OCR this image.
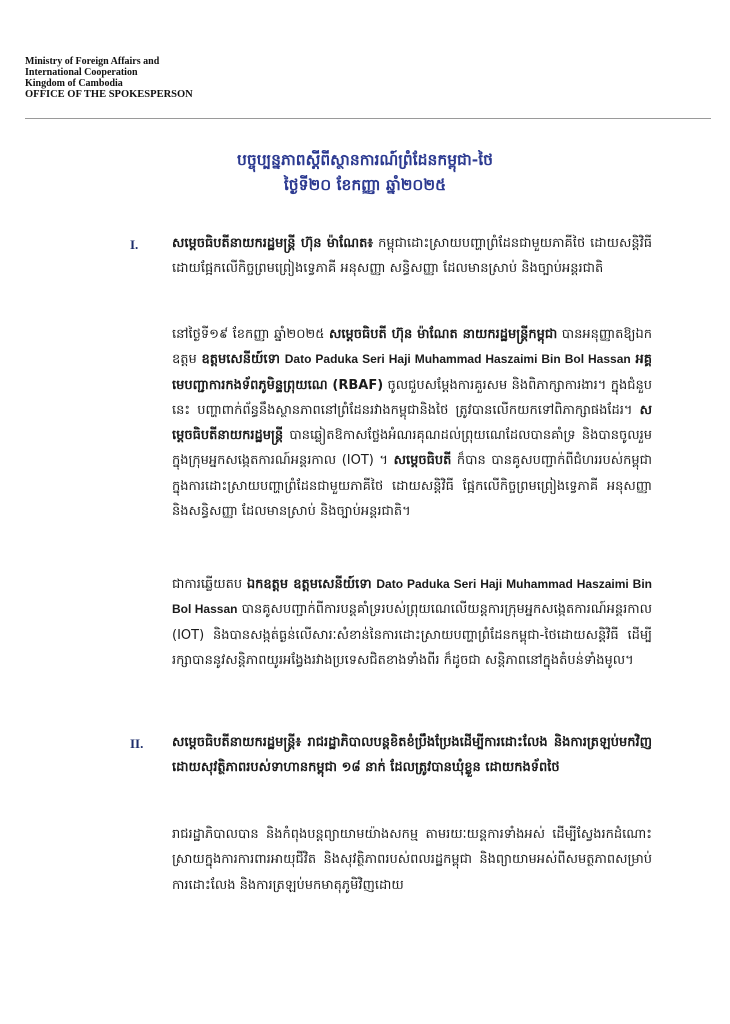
Ministry of Foreign Affairs and
International Cooperation
Kingdom of Cambodia
OFFICE OF THE SPOKESPERSON
បច្ចុប្បន្នភាពស្តីពីស្ថានការណ៍ព្រំដែនកម្ពុជា-ថៃ
ថ្ងៃទី២០ ខែកញ្ញា ឆ្នាំ២០២៥
I.	សម្តេចធិបតីនាយករដ្ឋមន្ត្រី ហ៊ុន ម៉ាណែត៖ កម្ពុជាដោះស្រាយបញ្ហាព្រំដែនជាមួយភាគីថៃ ដោយសន្តិវិធី ដោយផ្អែកលើកិច្ចព្រមព្រៀងទ្វេភាគី អនុសញ្ញា សន្ធិសញ្ញា ដែលមានស្រាប់ និងច្បាប់អន្តរជាតិ
នៅថ្ងៃទី១៩ ខែកញ្ញា ឆ្នាំ២០២៥ សម្តេចធិបតី ហ៊ុន ម៉ាណែត នាយករដ្ឋមន្ត្រីកម្ពុជា បានអនុញ្ញាតឱ្យឯកឧត្តម ឧត្តមសេនីយ៍ទោ Dato Paduka Seri Haji Muhammad Haszaimi Bin Bol Hassan អគ្គមេបញ្ជាការកងទ័ពភូមិន្ទព្រុយណេ (RBAF) ចូលជួបសម្តែងការគួរសម និងពិភាក្សាការងារ។ ក្នុងជំនួបនេះ បញ្ហាពាក់ព័ន្ធនឹងស្ថានភាពនៅព្រំដែនរវាងកម្ពុជានិងថៃ ត្រូវបានលើកយកទៅពិភាក្សាផងដែរ។ សម្តេចធិបតីនាយករដ្ឋមន្ត្រី បានឆ្លៀតឱកាសថ្លែងអំណរគុណដល់ព្រុយណេដែលបានគាំទ្រ និងបានចូលរួមក្នុងក្រុមអ្នកសង្កេតការណ៍អន្តរកាល (IOT) ។ សម្តេចធិបតី ក៏បាន បានគូសបញ្ជាក់ពីជំហររបស់កម្ពុជាក្នុងការដោះស្រាយបញ្ហាព្រំដែនជាមួយភាគីថៃ ដោយសន្តិវិធី ផ្អែកលើកិច្ចព្រមព្រៀងទ្វេភាគី អនុសញ្ញា និងសន្ធិសញ្ញា ដែលមានស្រាប់ និងច្បាប់អន្តរជាតិ។
ជាការឆ្លើយតប ឯកឧត្តម ឧត្តមសេនីយ៍ទោ Dato Paduka Seri Haji Muhammad Haszaimi Bin Bol Hassan បានគូសបញ្ជាក់ពីការបន្តគាំទ្ររបស់ព្រុយណេលើយន្តការក្រុមអ្នកសង្កេតការណ៍អន្តរកាល (IOT) និងបានសង្កត់ធ្ងន់លើសារៈសំខាន់នៃការដោះស្រាយបញ្ហាព្រំដែនកម្ពុជា-ថៃដោយសន្តិវិធី ដើម្បីរក្សាបាននូវសន្តិភាពយូរអង្វែងរវាងប្រទេសជិតខាងទាំងពីរ ក៏ដូចជា សន្តិភាពនៅក្នុងតំបន់ទាំងមូល។
II. សម្តេចធិបតីនាយករដ្ឋមន្ត្រី៖ រាជរដ្ឋាភិបាលបន្តខិតខំប្រឹងប្រែងដើម្បីការដោះលែង និងការត្រឡប់មកវិញដោយសុវត្ថិភាពរបស់ទាហានកម្ពុជា ១៨ នាក់ ដែលត្រូវបានឃុំខ្លួន ដោយកងទ័ពថៃ
រាជរដ្ឋាភិបាលបាន និងកំពុងបន្តព្យាយាមយ៉ាងសកម្ម តាមរយៈយន្តការទាំងអស់ ដើម្បីស្វែងរកដំណោះស្រាយក្នុងការការពារអាយុជីវិត និងសុវត្ថិភាពរបស់ពលរដ្ឋកម្ពុជា និងព្យាយាមអស់ពីសមត្ថភាពសម្រាប់ការដោះលែង និងការត្រឡប់មកមាតុភូមិវិញដោយ
